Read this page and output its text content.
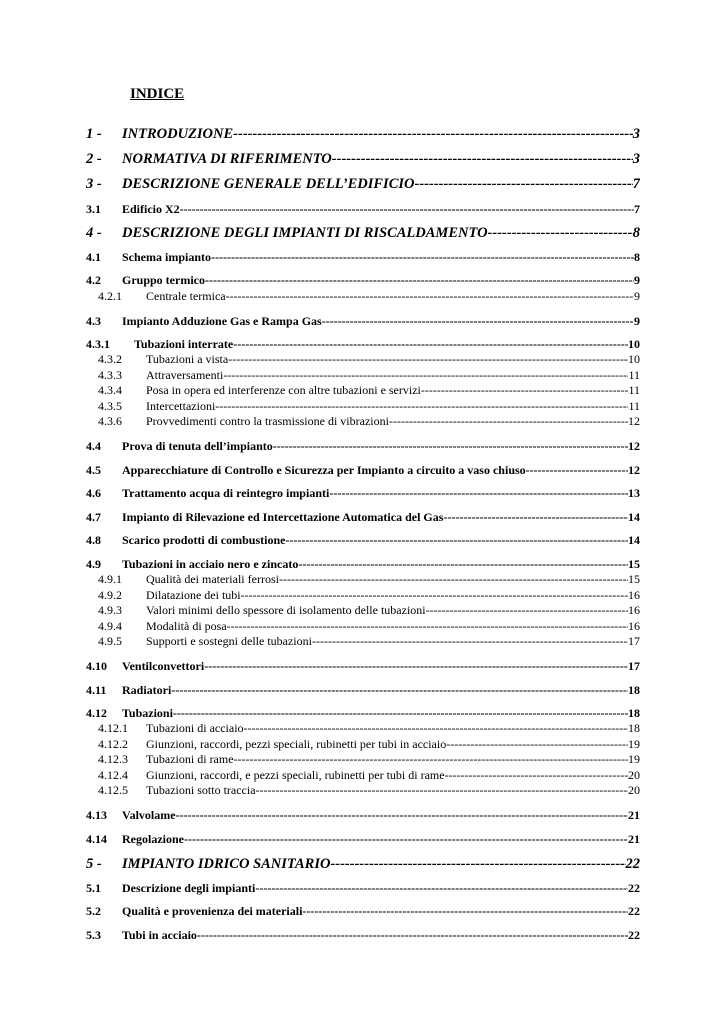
INDICE
1 -	INTRODUZIONE -----	3
2 -	NORMATIVA DI RIFERIMENTO -----	3
3 -	DESCRIZIONE GENERALE DELL’EDIFICIO -----	7
3.1	Edificio X2 -----	7
4 -	DESCRIZIONE DEGLI IMPIANTI DI RISCALDAMENTO -----	8
4.1	Schema impianto -----	8
4.2	Gruppo termico -----	9
4.2.1	Centrale termica -----	9
4.3	Impianto Adduzione Gas e Rampa Gas -----	9
4.3.1	Tubazioni interrate -----	10
4.3.2	Tubazioni a vista -----	10
4.3.3	Attraversamenti -----	11
4.3.4	Posa in opera ed interferenze con altre tubazioni e servizi -----	11
4.3.5	Intercettazioni -----	11
4.3.6	Provvedimenti contro la trasmissione di vibrazioni -----	12
4.4	Prova di tenuta dell’impianto -----	12
4.5	Apparecchiature di Controllo e Sicurezza per Impianto a circuito a vaso chiuso -----	12
4.6	Trattamento acqua di reintegro impianti -----	13
4.7	Impianto di Rilevazione ed Intercettazione Automatica del Gas -----	14
4.8	Scarico prodotti di combustione -----	14
4.9	Tubazioni in acciaio nero e zincato -----	15
4.9.1	Qualità dei materiali ferrosi -----	15
4.9.2	Dilatazione dei tubi -----	16
4.9.3	Valori minimi dello spessore di isolamento delle tubazioni -----	16
4.9.4	Modalità di posa -----	16
4.9.5	Supporti e sostegni delle tubazioni -----	17
4.10	Ventilconvettori -----	17
4.11	Radiatori -----	18
4.12	Tubazioni -----	18
4.12.1	Tubazioni di acciaio -----	18
4.12.2	Giunzioni, raccordi, pezzi speciali, rubinetti per tubi in acciaio -----	19
4.12.3	Tubazioni di rame -----	19
4.12.4	Giunzioni, raccordi, e pezzi speciali, rubinetti per tubi di rame -----	20
4.12.5	Tubazioni sotto traccia -----	20
4.13	Valvolame -----	21
4.14	Regolazione -----	21
5 -	IMPIANTO IDRICO SANITARIO -----	22
5.1	Descrizione degli impianti -----	22
5.2	Qualità e provenienza dei materiali -----	22
5.3	Tubi in acciaio -----	22
